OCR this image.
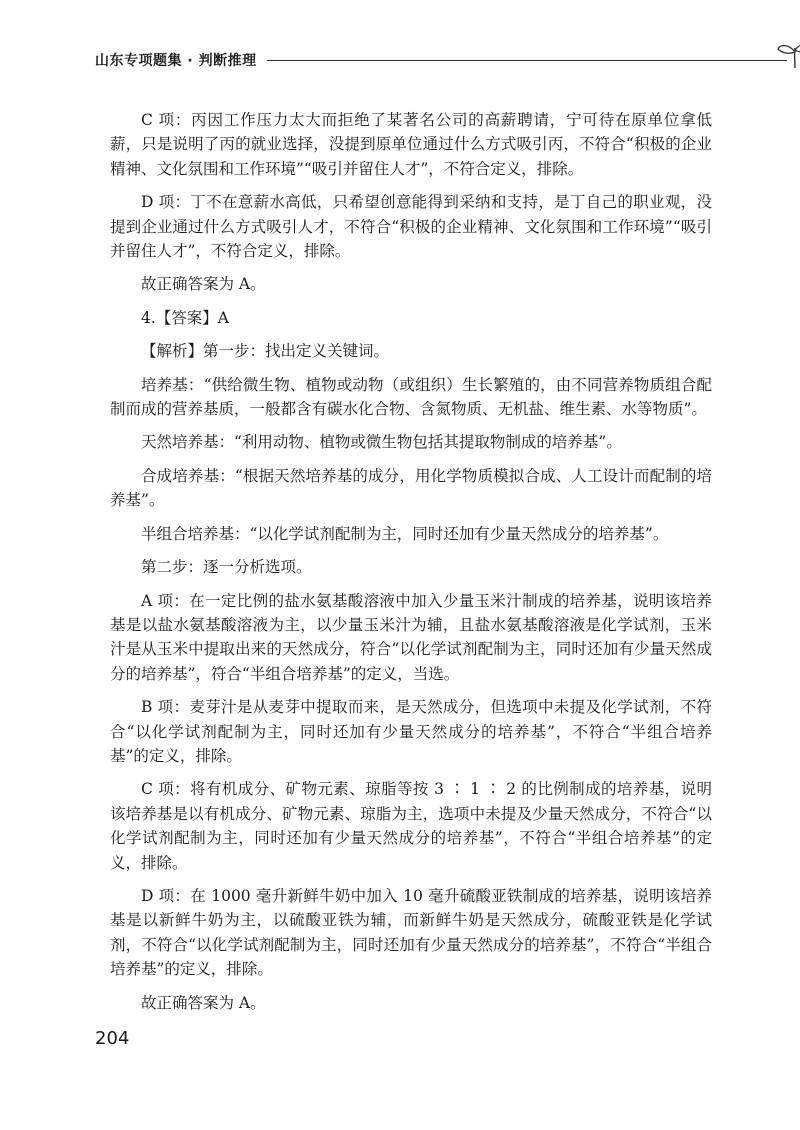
山东专项题集 · 判断推理

C 项：丙因工作压力太大而拒绝了某著名公司的高薪聘请，宁可待在原单位拿低薪，只是说明了丙的就业选择，没提到原单位通过什么方式吸引丙，不符合“积极的企业精神、文化氛围和工作环境”“吸引并留住人才”，不符合定义，排除。

D 项：丁不在意薪水高低，只希望创意能得到采纳和支持，是丁自己的职业观，没提到企业通过什么方式吸引人才，不符合“积极的企业精神、文化氛围和工作环境”“吸引并留住人才”，不符合定义，排除。

故正确答案为 A。

4.【答案】A

【解析】第一步：找出定义关键词。

培养基：“供给微生物、植物或动物（或组织）生长繁殖的，由不同营养物质组合配制而成的营养基质，一般都含有碳水化合物、含氮物质、无机盐、维生素、水等物质”。

天然培养基：“利用动物、植物或微生物包括其提取物制成的培养基”。

合成培养基：“根据天然培养基的成分，用化学物质模拟合成、人工设计而配制的培养基”。

半组合培养基：“以化学试剂配制为主，同时还加有少量天然成分的培养基”。

第二步：逐一分析选项。

A 项：在一定比例的盐水氨基酸溶液中加入少量玉米汁制成的培养基，说明该培养基是以盐水氨基酸溶液为主，以少量玉米汁为辅，且盐水氨基酸溶液是化学试剂，玉米汁是从玉米中提取出来的天然成分，符合“以化学试剂配制为主，同时还加有少量天然成分的培养基”，符合“半组合培养基”的定义，当选。

B 项：麦芽汁是从麦芽中提取而来，是天然成分，但选项中未提及化学试剂，不符合“以化学试剂配制为主，同时还加有少量天然成分的培养基”，不符合“半组合培养基”的定义，排除。

C 项：将有机成分、矿物元素、琼脂等按 3 ∶ 1 ∶ 2 的比例制成的培养基，说明该培养基是以有机成分、矿物元素、琼脂为主，选项中未提及少量天然成分，不符合“以化学试剂配制为主，同时还加有少量天然成分的培养基”，不符合“半组合培养基”的定义，排除。

D 项：在 1000 毫升新鲜牛奶中加入 10 毫升硫酸亚铁制成的培养基，说明该培养基是以新鲜牛奶为主，以硫酸亚铁为辅，而新鲜牛奶是天然成分，硫酸亚铁是化学试剂，不符合“以化学试剂配制为主，同时还加有少量天然成分的培养基”，不符合“半组合培养基”的定义，排除。

故正确答案为 A。

204
